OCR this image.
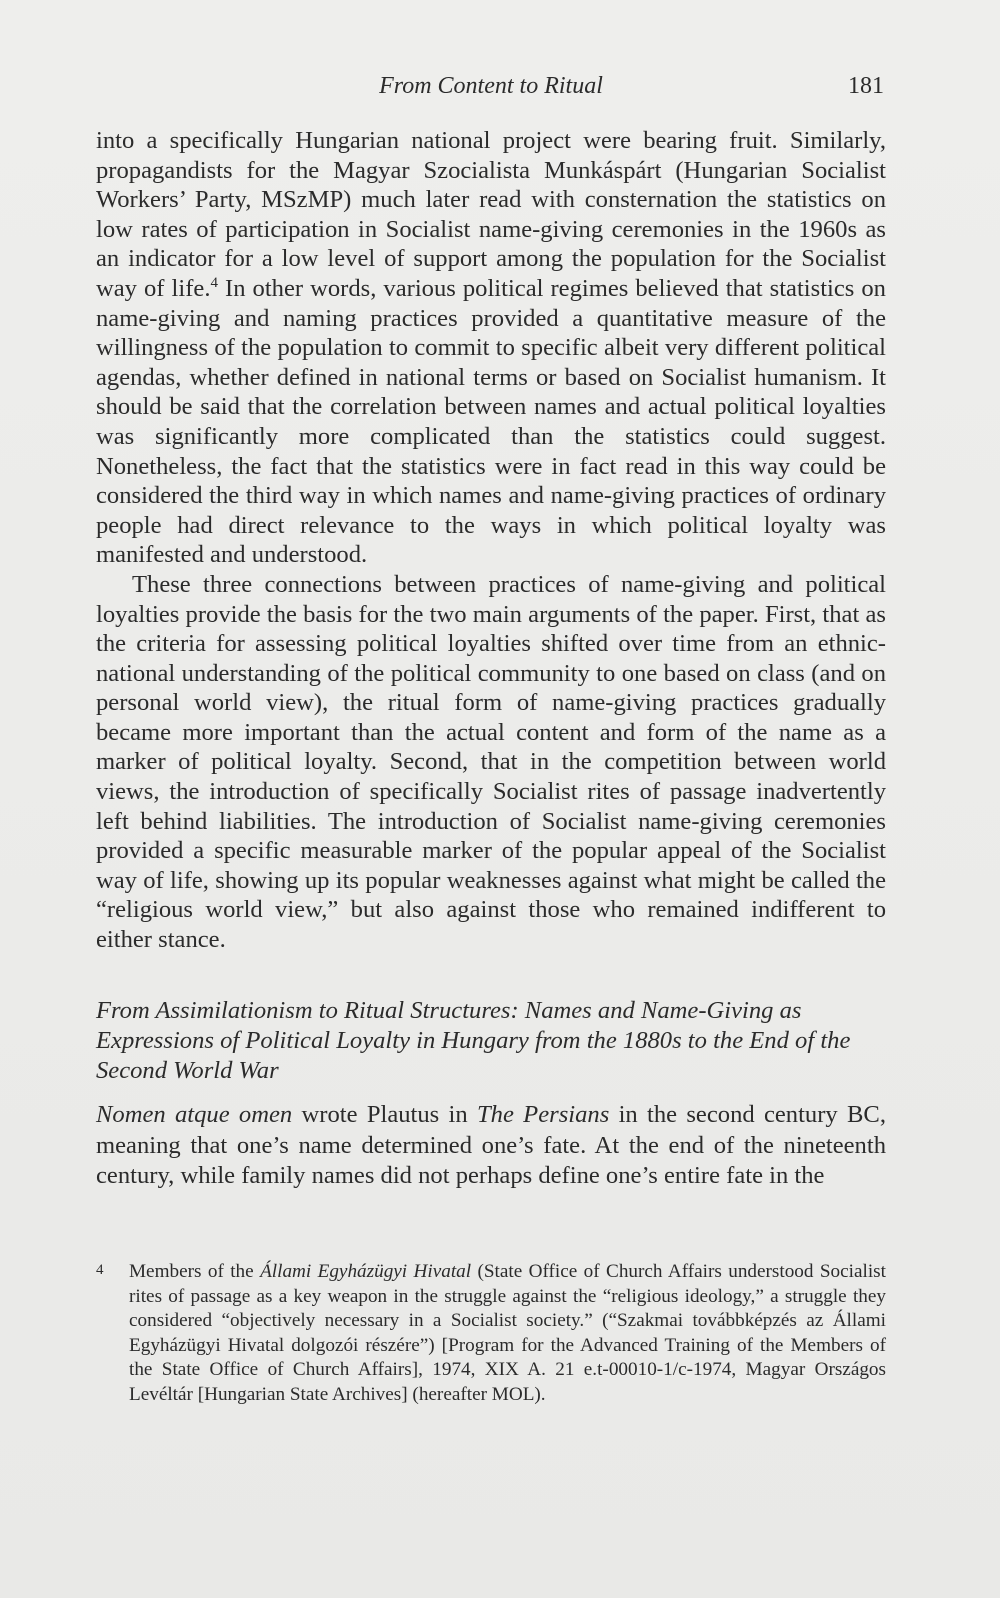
From Content to Ritual	181

into a specifically Hungarian national project were bearing fruit. Similarly, propagandists for the Magyar Szocialista Munkáspárt (Hungarian Socialist Workers’ Party, MSzMP) much later read with consternation the statistics on low rates of participation in Socialist name-giving ceremonies in the 1960s as an indicator for a low level of support among the population for the Socialist way of life.$^4$ In other words, various political regimes believed that statistics on name-giving and naming practices provided a quantitative measure of the willingness of the population to commit to specific albeit very different political agendas, whether defined in national terms or based on Socialist humanism. It should be said that the correlation between names and actual political loyalties was significantly more complicated than the statistics could suggest. Nonetheless, the fact that the statistics were in fact read in this way could be considered the third way in which names and name-giving practices of ordinary people had direct relevance to the ways in which political loyalty was manifested and understood.

These three connections between practices of name-giving and political loyalties provide the basis for the two main arguments of the paper. First, that as the criteria for assessing political loyalties shifted over time from an ethnic-national understanding of the political community to one based on class (and on personal world view), the ritual form of name-giving practices gradually became more important than the actual content and form of the name as a marker of political loyalty. Second, that in the competition between world views, the introduction of specifically Socialist rites of passage inadvertently left behind liabilities. The introduction of Socialist name-giving ceremonies provided a specific measurable marker of the popular appeal of the Socialist way of life, showing up its popular weaknesses against what might be called the “religious world view,” but also against those who remained indifferent to either stance.

From Assimilationism to Ritual Structures: Names and Name-Giving as Expressions of Political Loyalty in Hungary from the 1880s to the End of the Second World War

Nomen atque omen wrote Plautus in The Persians in the second century BC, meaning that one’s name determined one’s fate. At the end of the nineteenth century, while family names did not perhaps define one’s entire fate in the

4 Members of the Állami Egyházügyi Hivatal (State Office of Church Affairs understood Socialist rites of passage as a key weapon in the struggle against the “religious ideology,” a struggle they considered “objectively necessary in a Socialist society.” (“Szakmai továbbképzés az Állami Egyházügyi Hivatal dolgozói részére”) [Program for the Advanced Training of the Members of the State Office of Church Affairs], 1974, XIX A. 21 e.t-00010-1/c-1974, Magyar Országos Levéltár [Hungarian State Archives] (hereafter MOL).
